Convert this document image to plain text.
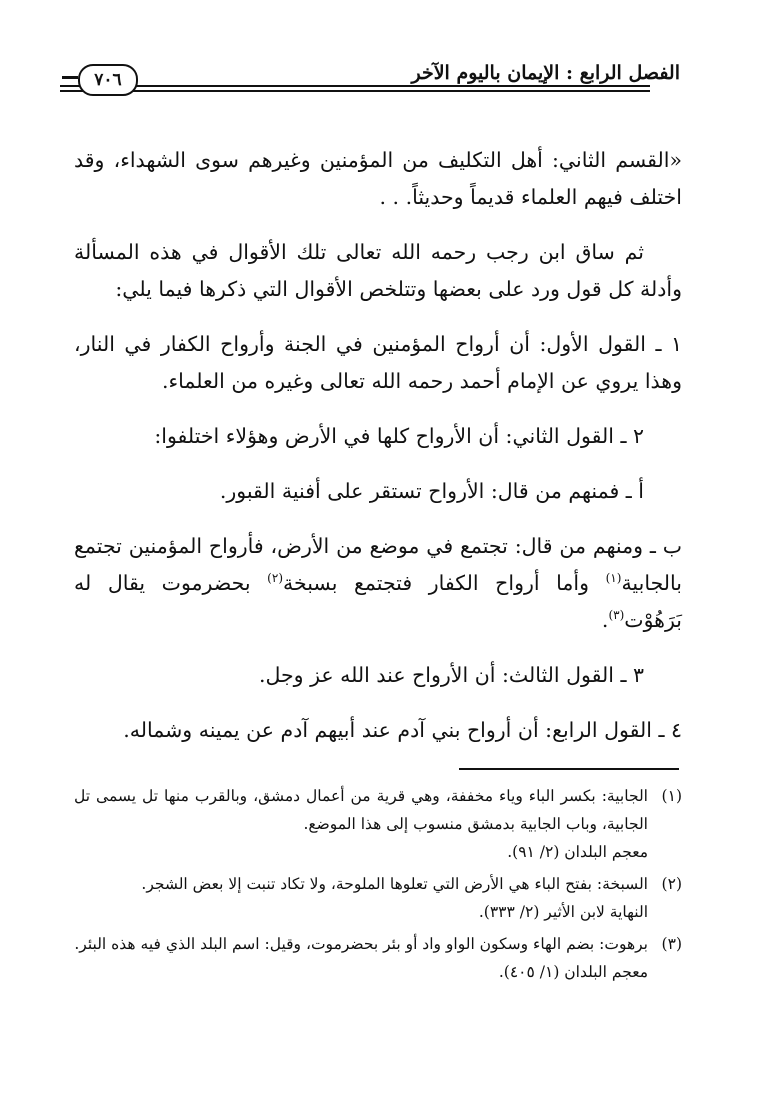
الفصل الرابع : الإيمان باليوم الآخر
٧٠٦

«القسم الثاني: أهل التكليف من المؤمنين وغيرهم سوى الشهداء، وقد اختلف فيهم العلماء قديماً وحديثاً. . .

ثم ساق ابن رجب رحمه الله تعالى تلك الأقوال في هذه المسألة وأدلة كل قول ورد على بعضها وتتلخص الأقوال التي ذكرها فيما يلي:

١ ـ القول الأول: أن أرواح المؤمنين في الجنة وأرواح الكفار في النار، وهذا يروي عن الإمام أحمد رحمه الله تعالى وغيره من العلماء.

٢ ـ القول الثاني: أن الأرواح كلها في الأرض وهؤلاء اختلفوا:

أ ـ فمنهم من قال: الأرواح تستقر على أفنية القبور.

ب ـ ومنهم من قال: تجتمع في موضع من الأرض، فأرواح المؤمنين تجتمع بالجابية$^{(١)}$ وأما أرواح الكفار فتجتمع بسبخة$^{(٢)}$ بحضرموت يقال له بَرَهُوْت$^{(٣)}$.

٣ ـ القول الثالث: أن الأرواح عند الله عز وجل.

٤ ـ القول الرابع: أن أرواح بني آدم عند أبيهم آدم عن يمينه وشماله.

(١)

الجابية: بكسر الباء وياء مخففة، وهي قرية من أعمال دمشق، وبالقرب منها تل يسمى تل الجابية، وباب الجابية بدمشق منسوب إلى هذا الموضع.

معجم البلدان (٢/ ٩١).

(٢)

السبخة: بفتح الباء هي الأرض التي تعلوها الملوحة، ولا تكاد تنبت إلا بعض الشجر.

النهاية لابن الأثير (٢/ ٣٣٣).

(٣)

برهوت: بضم الهاء وسكون الواو واد أو بئر بحضرموت، وقيل: اسم البلد الذي فيه هذه البئر.

معجم البلدان (١/ ٤٠٥).
